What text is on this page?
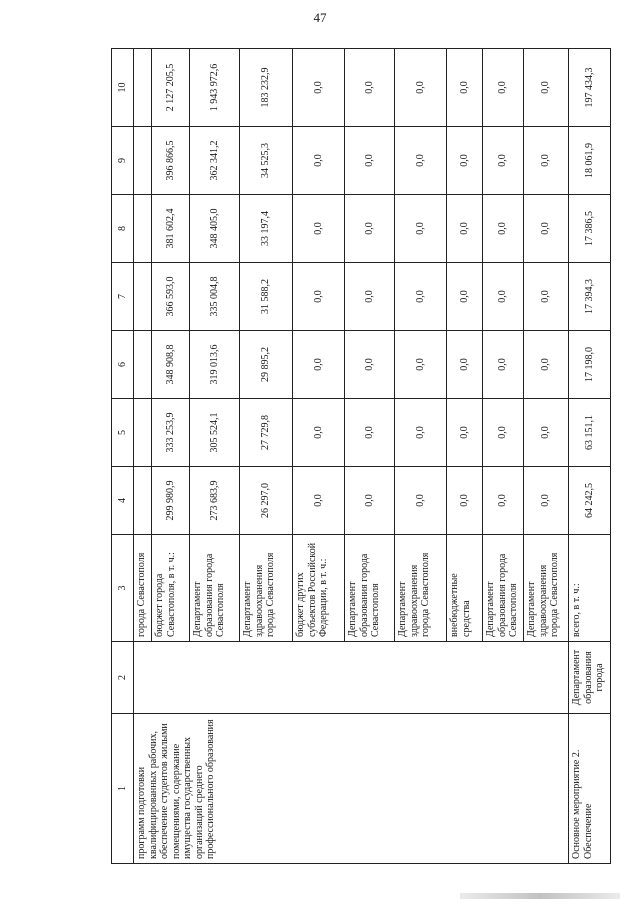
47
1	2	3	4	5	6	7	8	9	10
программ подготовки квалифицированных рабочих, обеспечение студентов жилыми помещениями, содержание имущества государственных организаций среднего профессионального образования		города Севастополя							
		бюджет города Севастополя, в т. ч.:	299 980,9	333 253,9	348 908,8	366 593,0	381 602,4	396 866,5	2 127 205,5
		Департамент образования города Севастополя	273 683,9	305 524,1	319 013,6	335 004,8	348 405,0	362 341,2	1 943 972,6
		Департамент здравоохранения города Севастополя	26 297,0	27 729,8	29 895,2	31 588,2	33 197,4	34 525,3	183 232,9
		бюджет других субъектов Российской Федерации, в т. ч.:	0,0	0,0	0,0	0,0	0,0	0,0	0,0
		Департамент образования города Севастополя	0,0	0,0	0,0	0,0	0,0	0,0	0,0
		Департамент здравоохранения города Севастополя	0,0	0,0	0,0	0,0	0,0	0,0	0,0
		внебюджетные средства	0,0	0,0	0,0	0,0	0,0	0,0	0,0
		Департамент образования города Севастополя	0,0	0,0	0,0	0,0	0,0	0,0	0,0
		Департамент здравоохранения города Севастополя	0,0	0,0	0,0	0,0	0,0	0,0	0,0
Основное мероприятие 2. Обеспечение	Департамент образования города	всего, в т. ч.:	64 242,5	63 151,1	17 198,0	17 394,3	17 386,5	18 061,9	197 434,3
